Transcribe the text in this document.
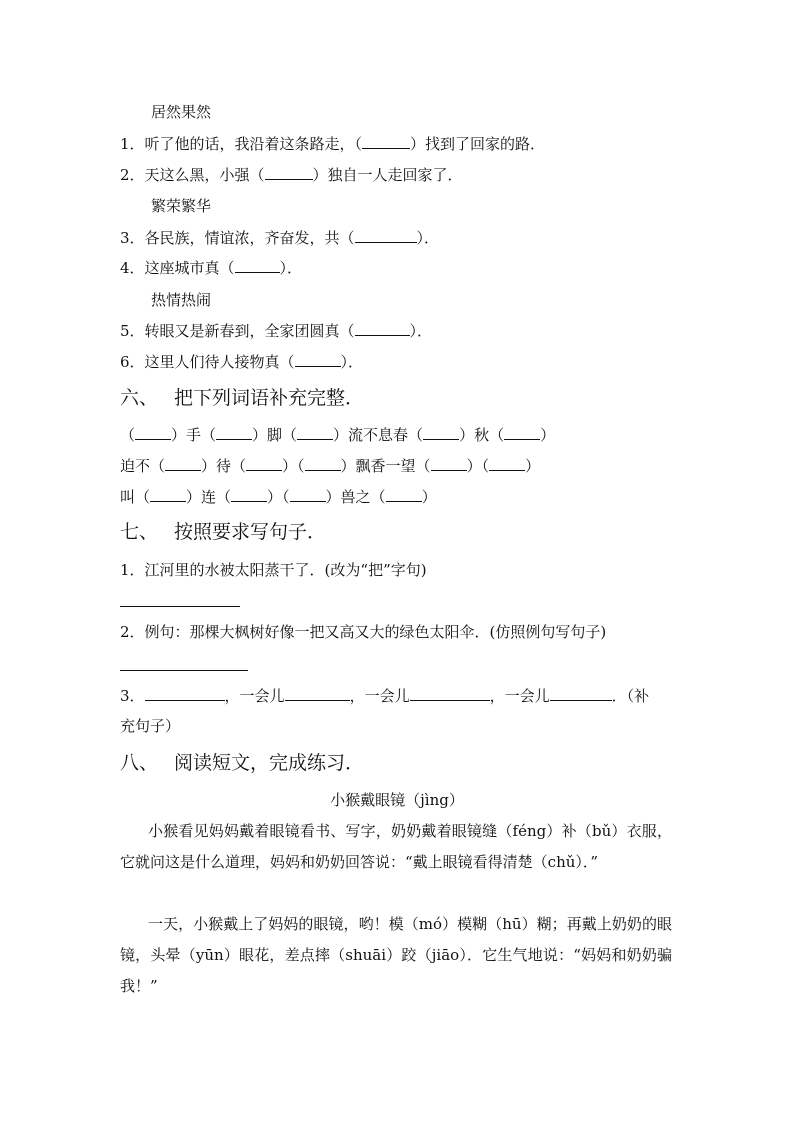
居然果然
1．听了他的话，我沿着这条路走，（	）找到了回家的路．
2．天这么黑，小强（	）独自一人走回家了．
繁荣繁华
3．各民族，情谊浓，齐奋发，共（	）．
4．这座城市真（	）．
热情热闹
5．转眼又是新春到，全家团圆真（	）．
6．这里人们待人接物真（	）．
六、 把下列词语补充完整．
（ ）手（ ）脚（ ）流不息春（ ）秋（ ）
迫不（ ）待（ ）（ ）飘香一望（ ）（ ）
叫（ ）连（ ）（ ）兽之（ ）
七、 按照要求写句子．
1．江河里的水被太阳蒸干了．(改为“把”字句)
2．例句：那棵大枫树好像一把又高又大的绿色太阳伞．(仿照例句写句子)
3．	，一会儿	，一会儿	，一会儿	．（补
充句子）
八、 阅读短文，完成练习．
小猴戴眼镜（jìng）
小猴看见妈妈戴着眼镜看书、写字，奶奶戴着眼镜缝（féng）补（bǔ）衣服，它就问这是什么道理，妈妈和奶奶回答说：“戴上眼镜看得清楚（chǔ）．”
一天，小猴戴上了妈妈的眼镜，哟！模（mó）模糊（hū）糊；再戴上奶奶的眼镜，头晕（yūn）眼花，差点摔（shuāi）跤（jiāo）．它生气地说：“妈妈和奶奶骗我！”
